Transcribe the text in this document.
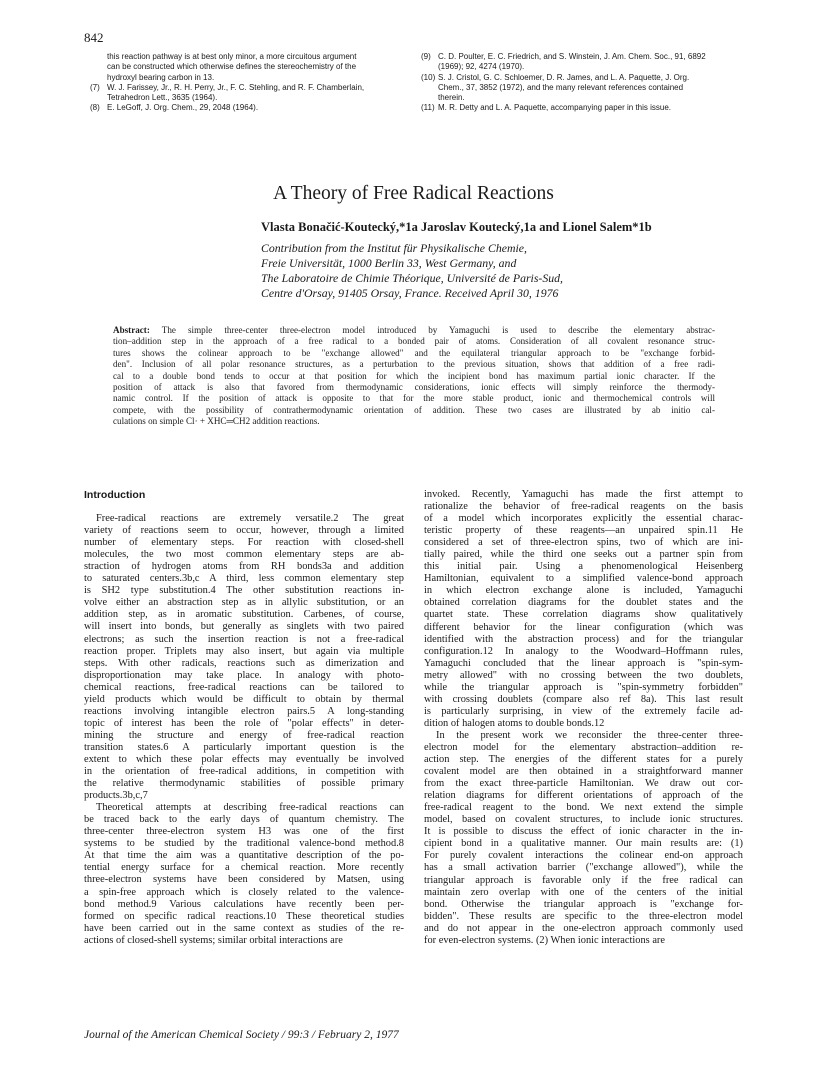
842
this reaction pathway is at best only minor, a more circuitous argument
can be constructed which otherwise defines the stereochemistry of the
hydroxyl bearing carbon in 13.
(7) W. J. Farissey, Jr., R. H. Perry, Jr., F. C. Stehling, and R. F. Chamberlain,
Tetrahedron Lett., 3635 (1964).
(8) E. LeGoff, J. Org. Chem., 29, 2048 (1964).
(9) C. D. Poulter, E. C. Friedrich, and S. Winstein, J. Am. Chem. Soc., 91, 6892
(1969); 92, 4274 (1970).
(10) S. J. Cristol, G. C. Schloemer, D. R. James, and L. A. Paquette, J. Org.
Chem., 37, 3852 (1972), and the many relevant references contained
therein.
(11) M. R. Detty and L. A. Paquette, accompanying paper in this issue.
A Theory of Free Radical Reactions
Vlasta Bonačić-Koutecký,*1a Jaroslav Koutecký,1a and Lionel Salem*1b
Contribution from the Institut für Physikalische Chemie,
Freie Universität, 1000 Berlin 33, West Germany, and
The Laboratoire de Chimie Théorique, Université de Paris-Sud,
Centre d'Orsay, 91405 Orsay, France. Received April 30, 1976
Abstract: The simple three-center three-electron model introduced by Yamaguchi is used to describe the elementary abstrac-
tion–addition step in the approach of a free radical to a bonded pair of atoms. Consideration of all covalent resonance struc-
tures shows the colinear approach to be "exchange allowed" and the equilateral triangular approach to be "exchange forbid-
den". Inclusion of all polar resonance structures, as a perturbation to the previous situation, shows that addition of a free radi-
cal to a double bond tends to occur at that position for which the incipient bond has maximum partial ionic character. If the
position of attack is also that favored from thermodynamic considerations, ionic effects will simply reinforce the thermody-
namic control. If the position of attack is opposite to that for the more stable product, ionic and thermochemical controls will
compete, with the possibility of contrathermodynamic orientation of addition. These two cases are illustrated by ab initio cal-
culations on simple Cl· + XHC═CH2 addition reactions.
Introduction

Free-radical reactions are extremely versatile.2 The great
variety of reactions seem to occur, however, through a limited
number of elementary steps. For reaction with closed-shell
molecules, the two most common elementary steps are ab-
straction of hydrogen atoms from RH bonds3a and addition
to saturated centers.3b,c A third, less common elementary step
is SH2 type substitution.4 The other substitution reactions in-
volve either an abstraction step as in allylic substitution, or an
addition step, as in aromatic substitution. Carbenes, of course,
will insert into bonds, but generally as singlets with two paired
electrons; as such the insertion reaction is not a free-radical
reaction proper. Triplets may also insert, but again via multiple
steps. With other radicals, reactions such as dimerization and
disproportionation may take place. In analogy with photo-
chemical reactions, free-radical reactions can be tailored to
yield products which would be difficult to obtain by thermal
reactions involving intangible electron pairs.5 A long-standing
topic of interest has been the role of "polar effects" in deter-
mining the structure and energy of free-radical reaction
transition states.6 A particularly important question is the
extent to which these polar effects may eventually be involved
in the orientation of free-radical additions, in competition with
the relative thermodynamic stabilities of possible primary
products.3b,c,7

Theoretical attempts at describing free-radical reactions can
be traced back to the early days of quantum chemistry. The
three-center three-electron system H3 was one of the first
systems to be studied by the traditional valence-bond method.8
At that time the aim was a quantitative description of the po-
tential energy surface for a chemical reaction. More recently
three-electron systems have been considered by Matsen, using
a spin-free approach which is closely related to the valence-
bond method.9 Various calculations have recently been per-
formed on specific radical reactions.10 These theoretical studies
have been carried out in the same context as studies of the re-
actions of closed-shell systems; similar orbital interactions are

invoked. Recently, Yamaguchi has made the first attempt to
rationalize the behavior of free-radical reagents on the basis
of a model which incorporates explicitly the essential charac-
teristic property of these reagents—an unpaired spin.11 He
considered a set of three-electron spins, two of which are ini-
tially paired, while the third one seeks out a partner spin from
this initial pair. Using a phenomenological Heisenberg
Hamiltonian, equivalent to a simplified valence-bond approach
in which electron exchange alone is included, Yamaguchi
obtained correlation diagrams for the doublet states and the
quartet state. These correlation diagrams show qualitatively
different behavior for the linear configuration (which was
identified with the abstraction process) and for the triangular
configuration.12 In analogy to the Woodward–Hoffmann rules,
Yamaguchi concluded that the linear approach is "spin-sym-
metry allowed" with no crossing between the two doublets,
while the triangular approach is "spin-symmetry forbidden"
with crossing doublets (compare also ref 8a). This last result
is particularly surprising, in view of the extremely facile ad-
dition of halogen atoms to double bonds.12

In the present work we reconsider the three-center three-
electron model for the elementary abstraction–addition re-
action step. The energies of the different states for a purely
covalent model are then obtained in a straightforward manner
from the exact three-particle Hamiltonian. We draw out cor-
relation diagrams for different orientations of approach of the
free-radical reagent to the bond. We next extend the simple
model, based on covalent structures, to include ionic structures.
It is possible to discuss the effect of ionic character in the in-
cipient bond in a qualitative manner. Our main results are: (1)
For purely covalent interactions the colinear end-on approach
has a small activation barrier ("exchange allowed"), while the
triangular approach is favorable only if the free radical can
maintain zero overlap with one of the centers of the initial
bond. Otherwise the triangular approach is "exchange for-
bidden". These results are specific to the three-electron model
and do not appear in the one-electron approach commonly used
for even-electron systems. (2) When ionic interactions are

Journal of the American Chemical Society / 99:3 / February 2, 1977
